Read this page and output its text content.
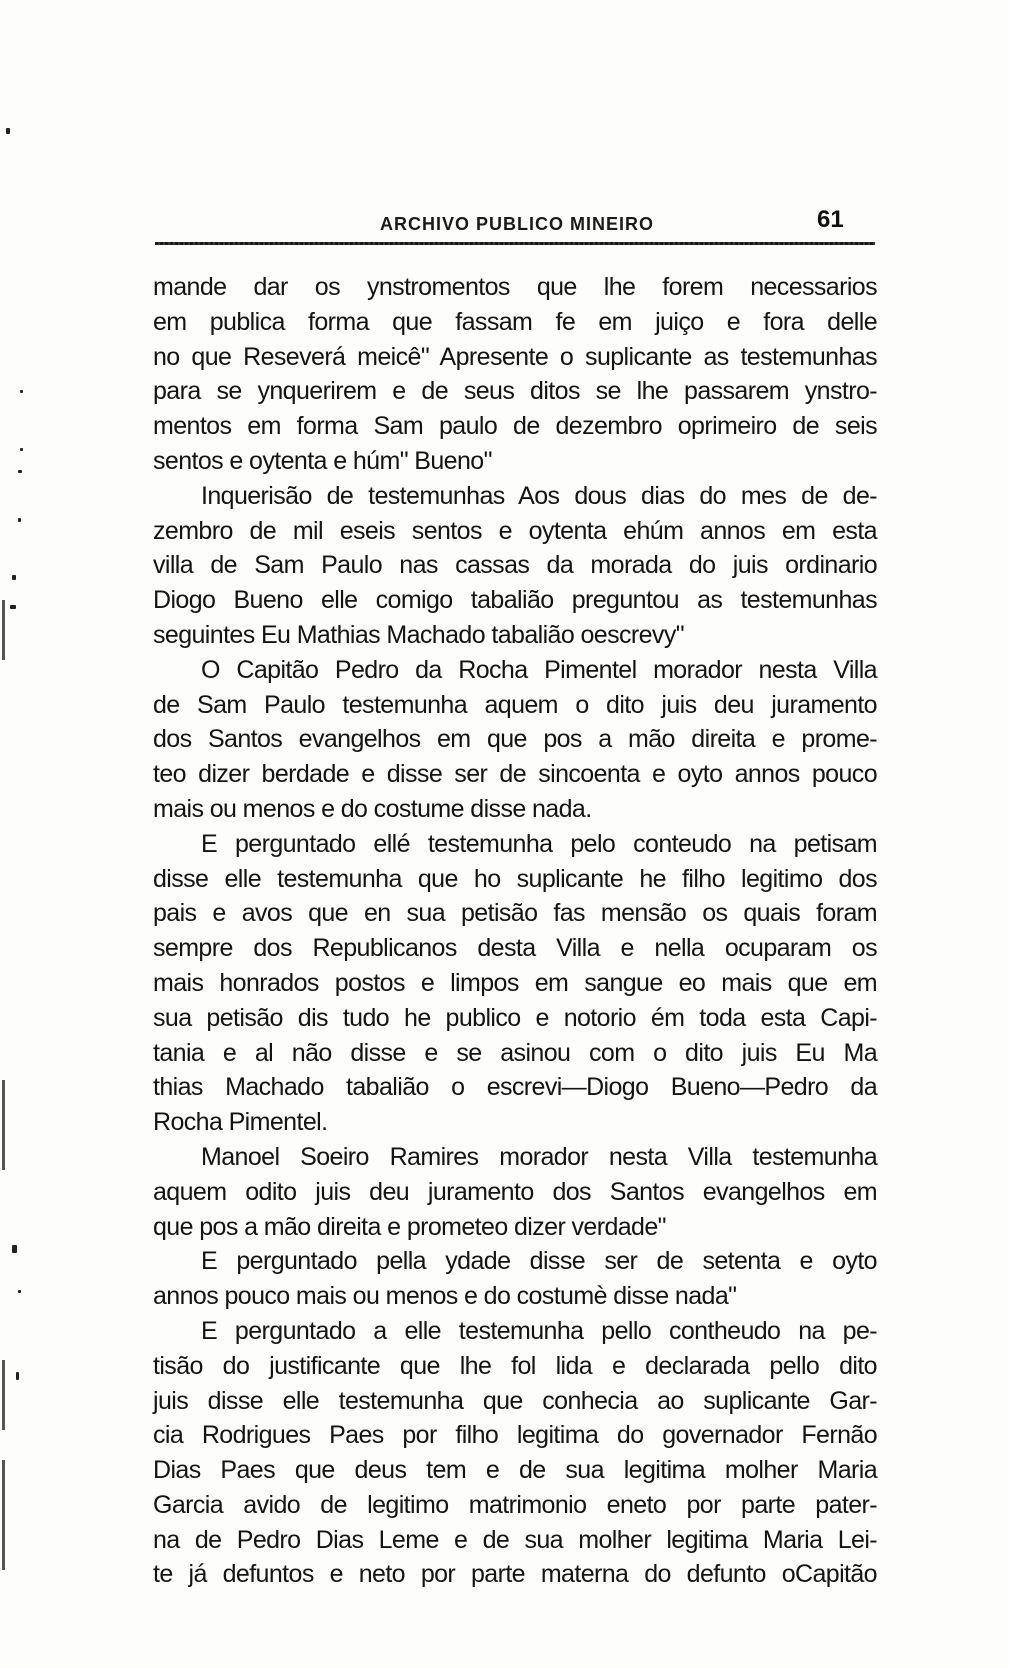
ARCHIVO PUBLICO MINEIRO	61
mande dar os ynstromentos que lhe forem necessarios
em publica forma que fassam fe em juiço e fora delle
no que Reseverá meicê" Apresente o suplicante as testemunhas
para se ynquerirem e de seus ditos se lhe passarem ynstro-
mentos em forma Sam paulo de dezembro oprimeiro de seis
sentos e oytenta e húm" Bueno"
Inquerisão de testemunhas Aos dous dias do mes de de-
zembro de mil eseis sentos e oytenta ehúm annos em esta
villa de Sam Paulo nas cassas da morada do juis ordinario
Diogo Bueno elle comigo tabalião preguntou as testemunhas
seguintes Eu Mathias Machado tabalião oescrevy"
O Capitão Pedro da Rocha Pimentel morador nesta Villa
de Sam Paulo testemunha aquem o dito juis deu juramento
dos Santos evangelhos em que pos a mão direita e prome-
teo dizer berdade e disse ser de sincoenta e oyto annos pouco
mais ou menos e do costume disse nada.
E perguntado ellé testemunha pelo conteudo na petisam
disse elle testemunha que ho suplicante he filho legitimo dos
pais e avos que en sua petisão fas mensão os quais foram
sempre dos Republicanos desta Villa e nella ocuparam os
mais honrados postos e limpos em sangue eo mais que em
sua petisão dis tudo he publico e notorio ém toda esta Capi-
tania e al não disse e se asinou com o dito juis Eu Ma
thias Machado tabalião o escrevi—Diogo Bueno—Pedro da
Rocha Pimentel.
Manoel Soeiro Ramires morador nesta Villa testemunha
aquem odito juis deu juramento dos Santos evangelhos em
que pos a mão direita e prometeo dizer verdade"
E perguntado pella ydade disse ser de setenta e oyto
annos pouco mais ou menos e do costumè disse nada"
E perguntado a elle testemunha pello contheudo na pe-
tisão do justificante que lhe fol lida e declarada pello dito
juis disse elle testemunha que conhecia ao suplicante Gar-
cia Rodrigues Paes por filho legitima do governador Fernão
Dias Paes que deus tem e de sua legitima molher Maria
Garcia avido de legitimo matrimonio eneto por parte pater-
na de Pedro Dias Leme e de sua molher legitima Maria Lei-
te já defuntos e neto por parte materna do defunto oCapitão
